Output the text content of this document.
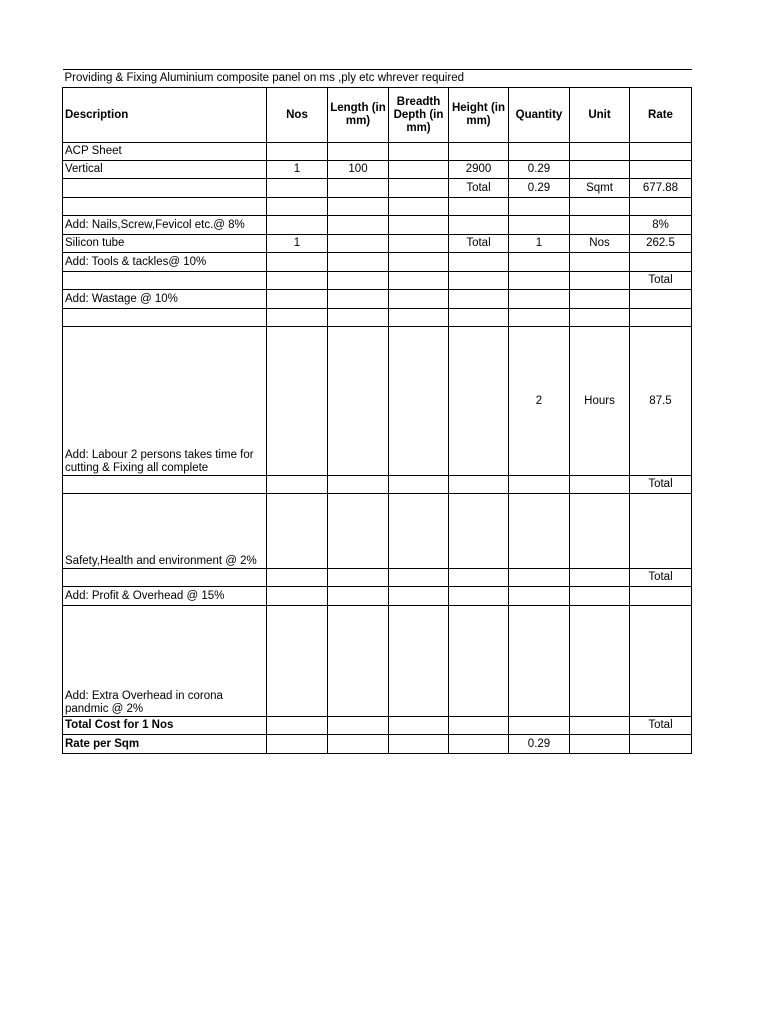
Providing & Fixing Aluminium composite panel on ms ,ply etc whrever required							
Description	Nos	Length (in mm)	Breadth Depth (in mm)	Height (in mm)	Quantity	Unit	Rate
ACP Sheet							
Vertical	1	100		2900	0.29		
				Total	0.29	Sqmt	677.88

Add: Nails,Screw,Fevicol etc.@ 8%							8%
Silicon tube	1			Total	1	Nos	262.5
Add: Tools & tackles@ 10%							
							Total
Add: Wastage @ 10%							

Add: Labour 2 persons takes time for cutting & Fixing all complete					2	Hours	87.5
							Total
Safety,Health and environment @ 2%							
							Total
Add: Profit & Overhead @ 15%							
Add: Extra Overhead in corona pandmic @ 2%							
Total Cost for 1 Nos							Total
Rate per Sqm					0.29		
